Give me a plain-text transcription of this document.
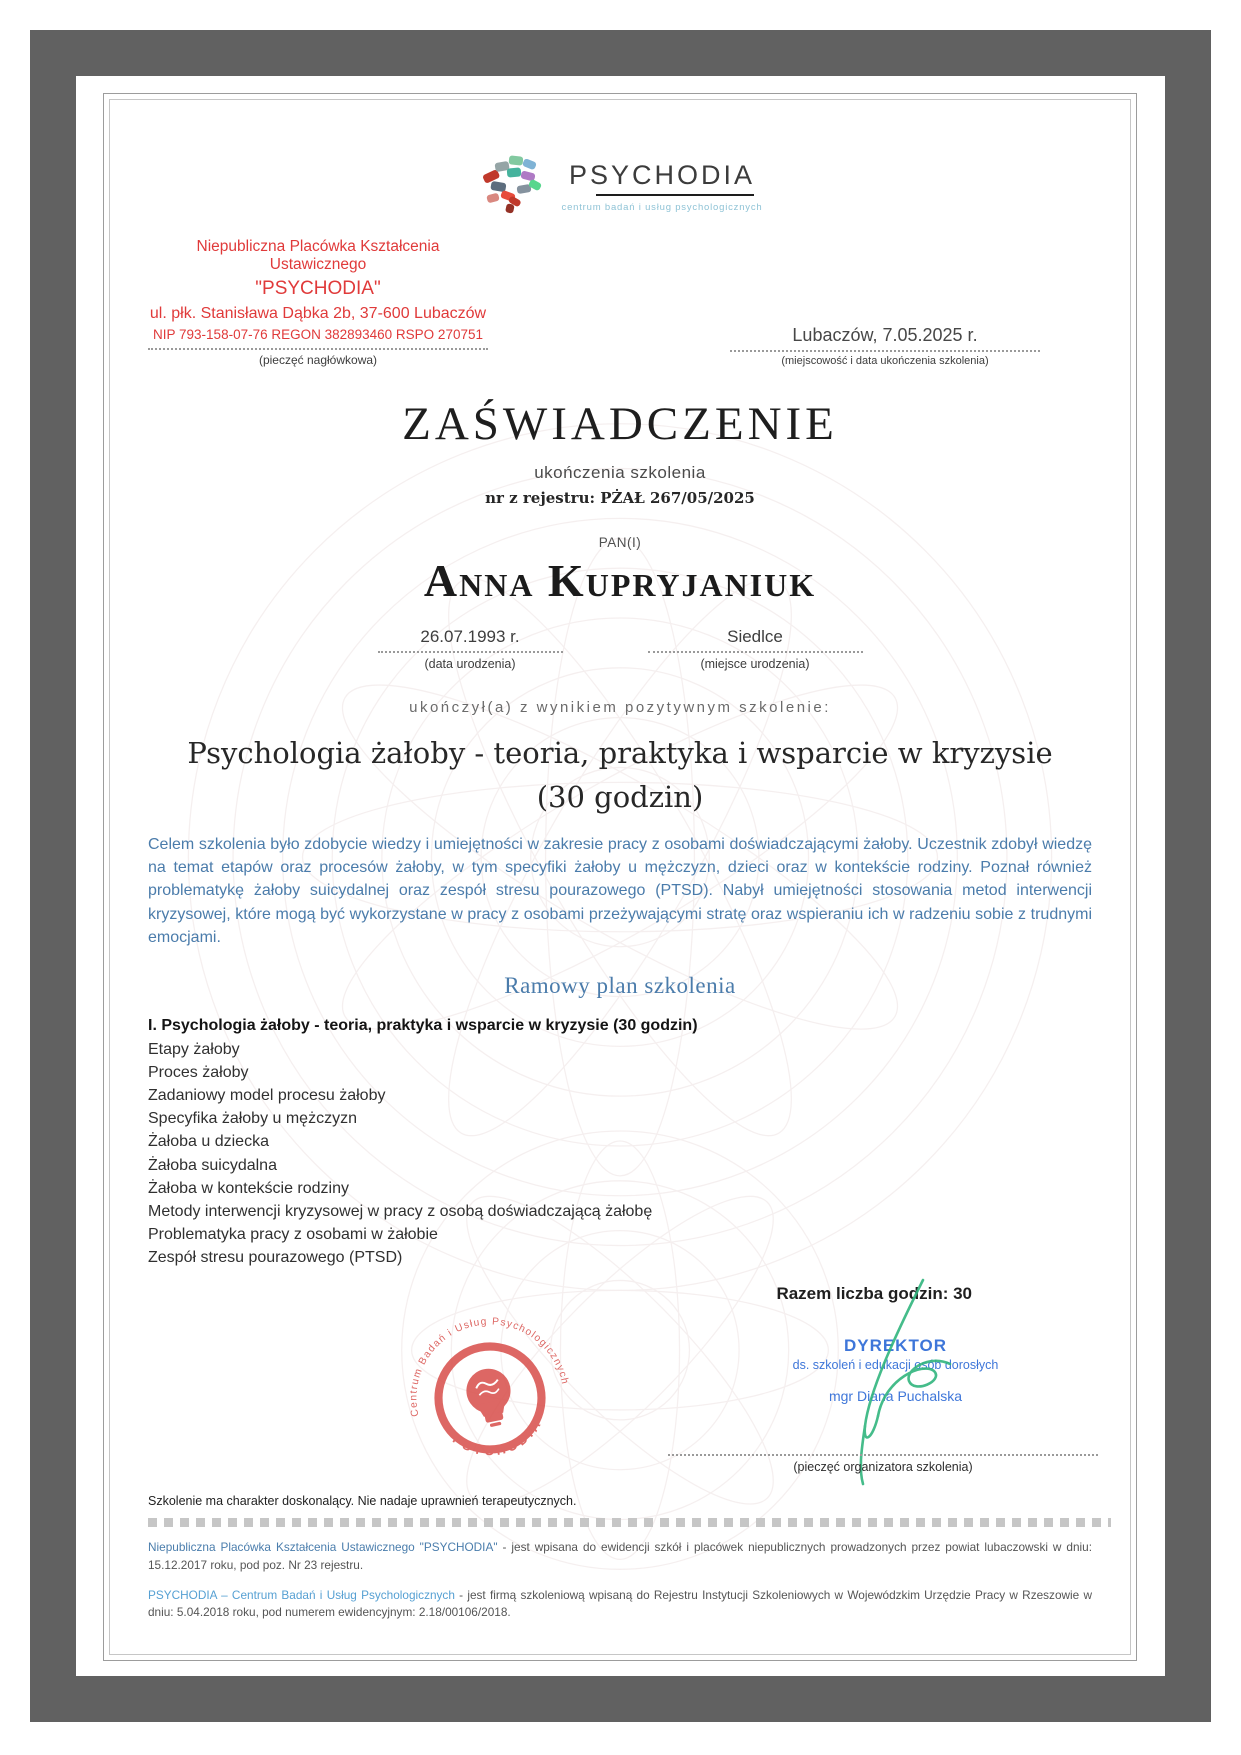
PSYCHODIA
centrum badań i usług psychologicznych
Niepubliczna Placówka Kształcenia Ustawicznego
"PSYCHODIA"
ul. płk. Stanisława Dąbka 2b, 37-600 Lubaczów
NIP 793-158-07-76 REGON 382893460 RSPO 270751
(pieczęć nagłówkowa)
Lubaczów, 7.05.2025 r.
(miejscowość i data ukończenia szkolenia)
ZAŚWIADCZENIE
ukończenia szkolenia
nr z rejestru: PŻAŁ 267/05/2025
PAN(I)
Anna Kupryjaniuk
26.07.1993 r.
(data urodzenia)
Siedlce
(miejsce urodzenia)
ukończył(a) z wynikiem pozytywnym szkolenie:
Psychologia żałoby - teoria, praktyka i wsparcie w kryzysie
(30 godzin)
Celem szkolenia było zdobycie wiedzy i umiejętności w zakresie pracy z osobami doświadczającymi żałoby. Uczestnik zdobył wiedzę na temat etapów oraz procesów żałoby, w tym specyfiki żałoby u mężczyzn, dzieci oraz w kontekście rodziny. Poznał również problematykę żałoby suicydalnej oraz zespół stresu pourazowego (PTSD). Nabył umiejętności stosowania metod interwencji kryzysowej, które mogą być wykorzystane w pracy z osobami przeżywającymi stratę oraz wspieraniu ich w radzeniu sobie z trudnymi emocjami.
Ramowy plan szkolenia
I. Psychologia żałoby - teoria, praktyka i wsparcie w kryzysie (30 godzin)
Etapy żałoby
Proces żałoby
Zadaniowy model procesu żałoby
Specyfika żałoby u mężczyzn
Żałoba u dziecka
Żałoba suicydalna
Żałoba w kontekście rodziny
Metody interwencji kryzysowej w pracy z osobą doświadczającą żałobę
Problematyka pracy z osobami w żałobie
Zespół stresu pourazowego (PTSD)
Razem liczba godzin: 30
Centrum Badań i Usług Psychologicznych
PSYCHODIA
DYREKTOR
ds. szkoleń i edukacji osób dorosłych
mgr Diana Puchalska
(pieczęć organizatora szkolenia)
Szkolenie ma charakter doskonalący. Nie nadaje uprawnień terapeutycznych.
Niepubliczna Placówka Kształcenia Ustawicznego "PSYCHODIA" - jest wpisana do ewidencji szkół i placówek niepublicznych prowadzonych przez powiat lubaczowski w dniu: 15.12.2017 roku, pod poz. Nr 23 rejestru.
PSYCHODIA – Centrum Badań i Usług Psychologicznych - jest firmą szkoleniową wpisaną do Rejestru Instytucji Szkoleniowych w Wojewódzkim Urzędzie Pracy w Rzeszowie w dniu: 5.04.2018 roku, pod numerem ewidencyjnym: 2.18/00106/2018.
